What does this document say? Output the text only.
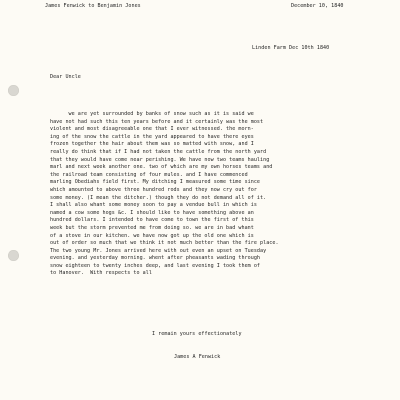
James Fenwick to Benjamin Jones	December 10, 1840
Linden Farm Dec 10th 1840
Dear Uncle
we are yet surrounded by banks of snow such as it is said we
have not had such this ten years before and it certainly was the most
violent and most disagreeable one that I ever witnessed. the morn-
ing of the snow the cattle in the yard appeared to have there eyes
frozen together the hair about them was so matted with snow, and I
really do think that if I had not taken the cattle from the north yard
that they would have come near perishing. We have now two teams hauling
marl and next week another one. two of which are my own horses teams and
the railroad team consisting of four mules. and I have commenced
marling Obediahs field first. My ditching I measured some time since
which amounted to above three hundred rods and they now cry out for
some money. (I mean the ditcher.) though they do not demand all of it.
I shall also whant some money soon to pay a vendue bull in which is
named a cow some hogs &c. I should like to have something above an
hundred dollars. I intended to have come to town the first of this
week but the storm prevented me from doing so. we are in bad whant
of a stove in our kitchen. we have now got up the old one which is
out of order so much that we think it not much better than the fire place.
The two young Mr. Jones arrived here with out even an upset on Tuesday
evening. and yesterday morning. whent after pheasants wading through
snow eighteen to twenty inches deep, and last evening I took them of
to Hanover.  With respects to all
I remain yours effectionately
James A Fenwick
